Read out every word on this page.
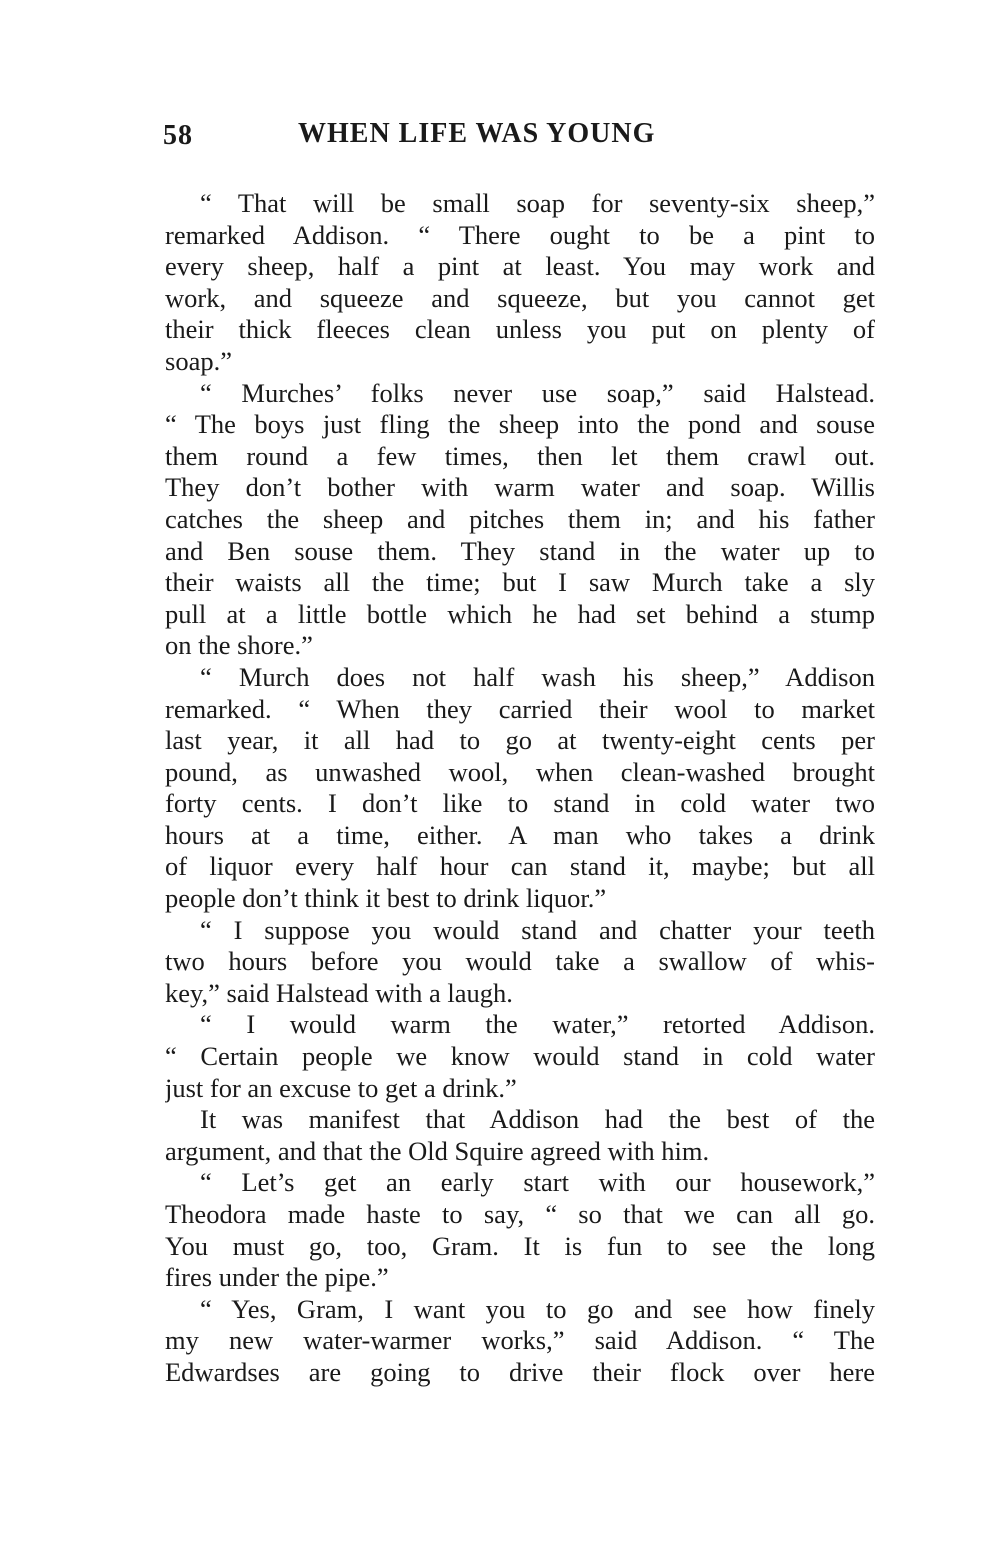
58	WHEN LIFE WAS YOUNG
“ That will be small soap for seventy-six sheep,”
remarked Addison. “ There ought to be a pint to
every sheep, half a pint at least. You may work and
work, and squeeze and squeeze, but you cannot get
their thick fleeces clean unless you put on plenty of
soap.”
“ Murches’ folks never use soap,” said Halstead.
“ The boys just fling the sheep into the pond and souse
them round a few times, then let them crawl out.
They don’t bother with warm water and soap. Willis
catches the sheep and pitches them in; and his father
and Ben souse them. They stand in the water up to
their waists all the time; but I saw Murch take a sly
pull at a little bottle which he had set behind a stump
on the shore.”
“ Murch does not half wash his sheep,” Addison
remarked. “ When they carried their wool to market
last year, it all had to go at twenty-eight cents per
pound, as unwashed wool, when clean-washed brought
forty cents. I don’t like to stand in cold water two
hours at a time, either. A man who takes a drink
of liquor every half hour can stand it, maybe; but all
people don’t think it best to drink liquor.”
“ I suppose you would stand and chatter your teeth
two hours before you would take a swallow of whis-
key,” said Halstead with a laugh.
“ I would warm the water,” retorted Addison.
“ Certain people we know would stand in cold water
just for an excuse to get a drink.”
It was manifest that Addison had the best of the
argument, and that the Old Squire agreed with him.
“ Let’s get an early start with our housework,”
Theodora made haste to say, “ so that we can all go.
You must go, too, Gram. It is fun to see the long
fires under the pipe.”
“ Yes, Gram, I want you to go and see how finely
my new water-warmer works,” said Addison. “ The
Edwardses are going to drive their flock over here
